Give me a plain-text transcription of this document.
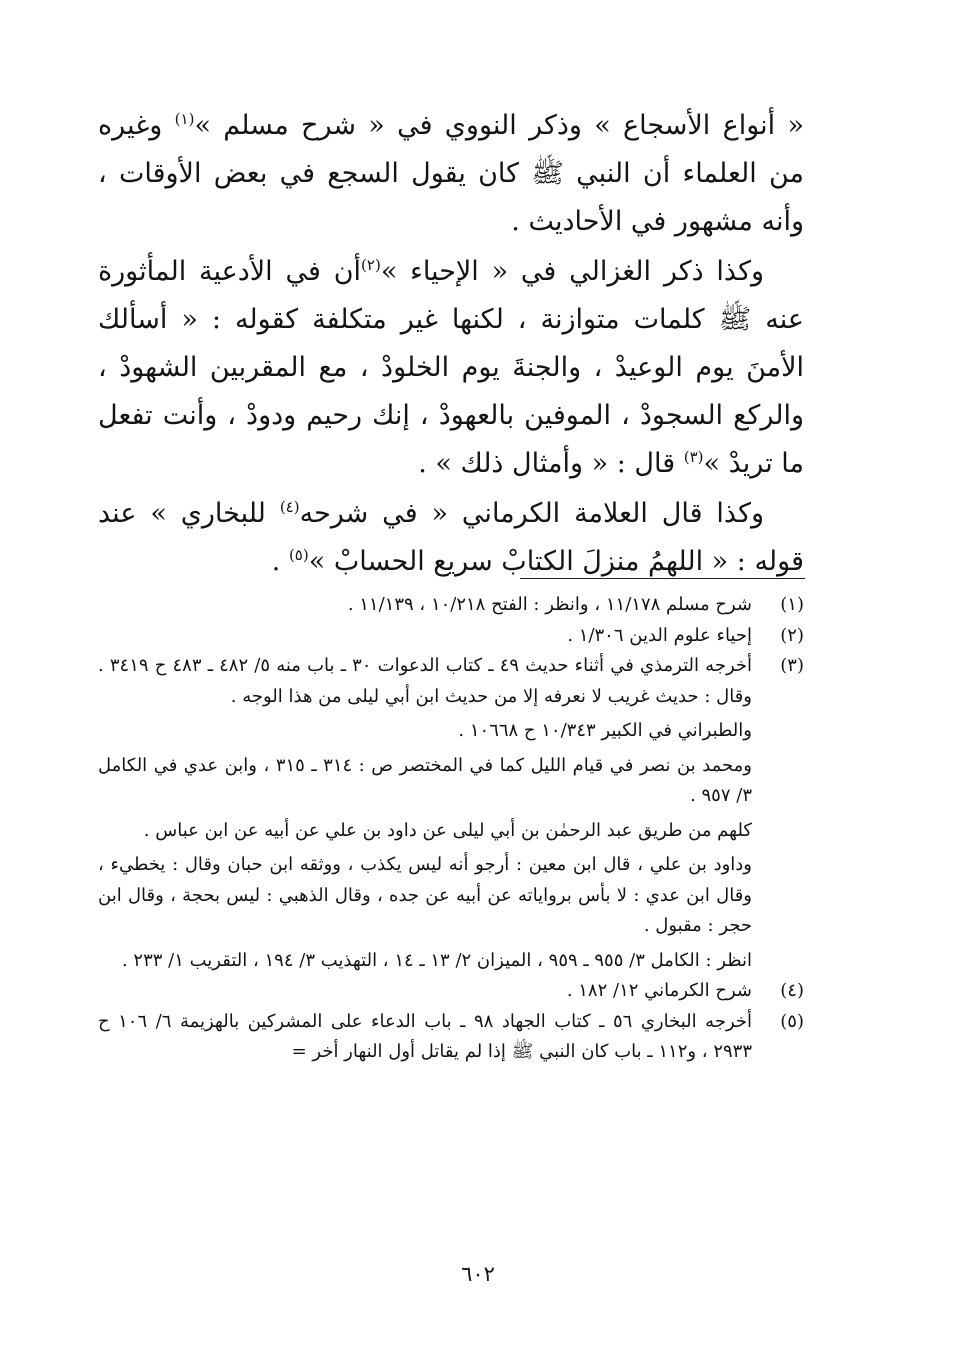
« أنواع الأسجاع » وذكر النووي في « شرح مسلم »$^{(١)}$ وغيره من العلماء أن النبي ﷺ كان يقول السجع في بعض الأوقات ، وأنه مشهور في الأحاديث .

وكذا ذكر الغزالي في « الإحياء »$^{(٢)}$أن في الأدعية المأثورة عنه ﷺ كلمات متوازنة ، لكنها غير متكلفة كقوله : « أسألك الأمنَ يوم الوعيدْ ، والجنةَ يوم الخلودْ ، مع المقربين الشهودْ ، والركع السجودْ ، الموفين بالعهودْ ، إنك رحيم ودودْ ، وأنت تفعل ما تريدْ »$^{(٣)}$ قال : « وأمثال ذلك » .

وكذا قال العلامة الكرماني « في شرحه$^{(٤)}$ للبخاري » عند قوله : « اللهمُ منزلَ الكتابْ سريع الحسابْ »$^{(٥)}$ .

(١)

شرح مسلم ١١/١٧٨ ، وانظر : الفتح ١٠/٢١٨ ، ١١/١٣٩ .

(٢)

إحياء علوم الدين ١/٣٠٦ .

(٣)

أخرجه الترمذي في أثناء حديث ٤٩ ـ كتاب الدعوات ٣٠ ـ باب منه ٥/ ٤٨٢ ـ ٤٨٣ ح ٣٤١٩ . وقال : حديث غريب لا نعرفه إلا من حديث ابن أبي ليلى من هذا الوجه .

والطبراني في الكبير ١٠/٣٤٣ ح ١٠٦٦٨ .

ومحمد بن نصر في قيام الليل كما في المختصر ص : ٣١٤ ـ ٣١٥ ، وابن عدي في الكامل ٣/ ٩٥٧ .

كلهم من طريق عبد الرحمٰن بن أبي ليلى عن داود بن علي عن أبيه عن ابن عباس .

وداود بن علي ، قال ابن معين : أرجو أنه ليس يكذب ، ووثقه ابن حبان وقال : يخطيء ، وقال ابن عدي : لا بأس برواياته عن أبيه عن جده ، وقال الذهبي : ليس بحجة ، وقال ابن حجر : مقبول .

انظر : الكامل ٣/ ٩٥٥ ـ ٩٥٩ ، الميزان ٢/ ١٣ ـ ١٤ ، التهذيب ٣/ ١٩٤ ، التقريب ١/ ٢٣٣ .

(٤)

شرح الكرماني ١٢/ ١٨٢ .

(٥)

أخرجه البخاري ٥٦ ـ كتاب الجهاد ٩٨ ـ باب الدعاء على المشركين بالهزيمة ٦/ ١٠٦ ح ٢٩٣٣ ، و١١٢ ـ باب كان النبي ﷺ إذا لم يقاتل أول النهار أخر =

٦٠٢
